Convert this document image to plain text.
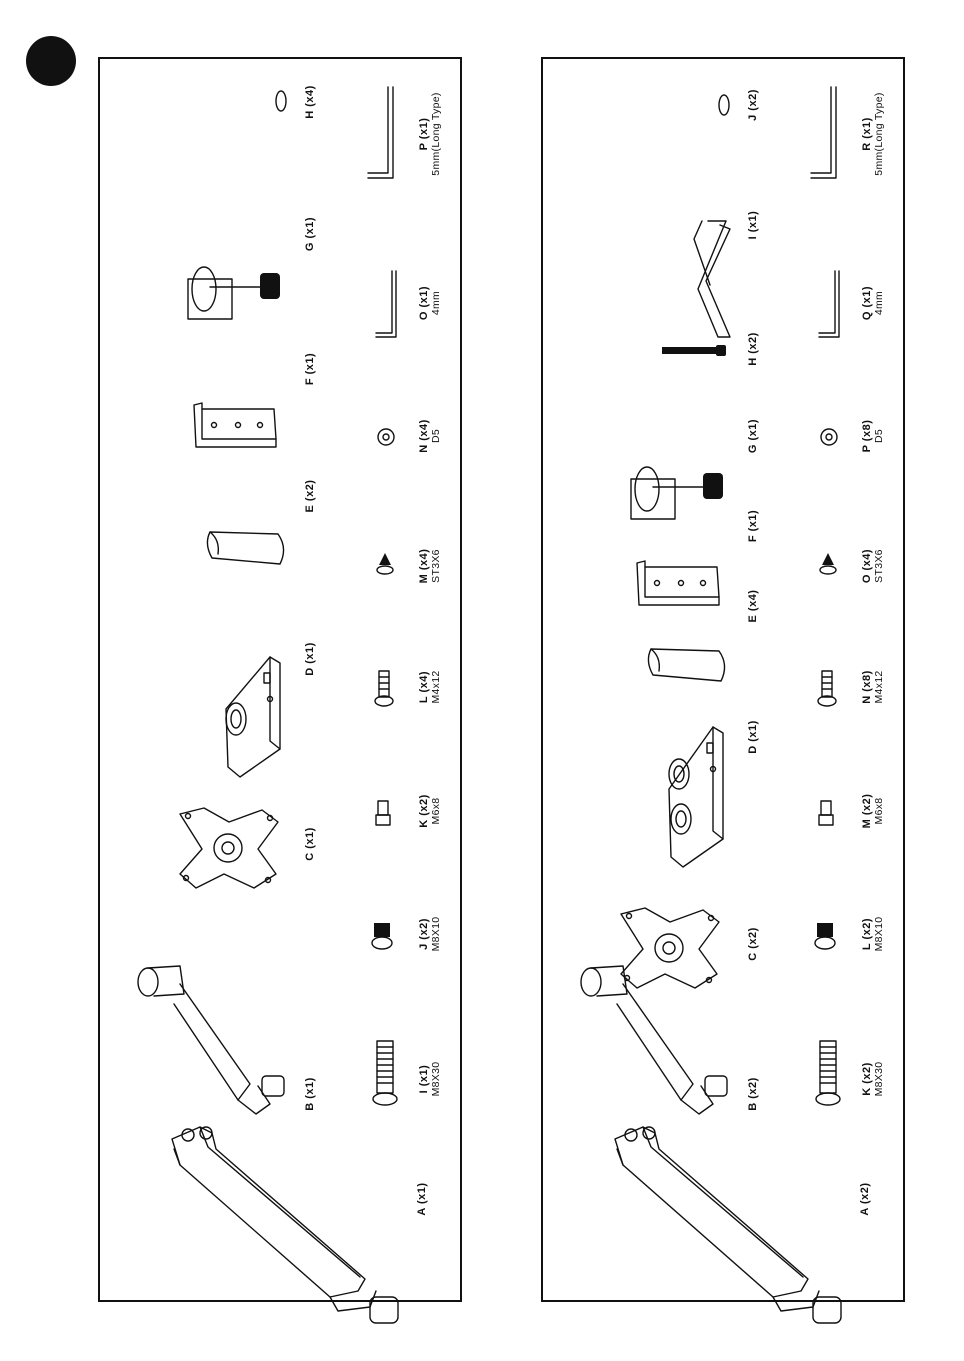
B (x1)
C (x1)
D (x1)
E (x2)
F (x1)
G (x1)
H (x4)
A (x1)
I (x1) M8X30
J (x2) M8X10
K (x2) M6x8
L (x4) M4x12
M (x4) ST3X6
N (x4) D5
O (x1) 4mm
P (x1) 5mm(Long Type)
B (x2)
C (x2)
D (x1)
E (x4)
F (x1)
G (x1)
H (x2)
I (x1)
J (x2)
A (x2)
K (x2) M8X30
L (x2) M8X10
M (x2) M6x8
N (x8) M4x12
O (x4) ST3X6
P (x8) D5
Q (x1) 4mm
R (x1) 5mm(Long Type)
